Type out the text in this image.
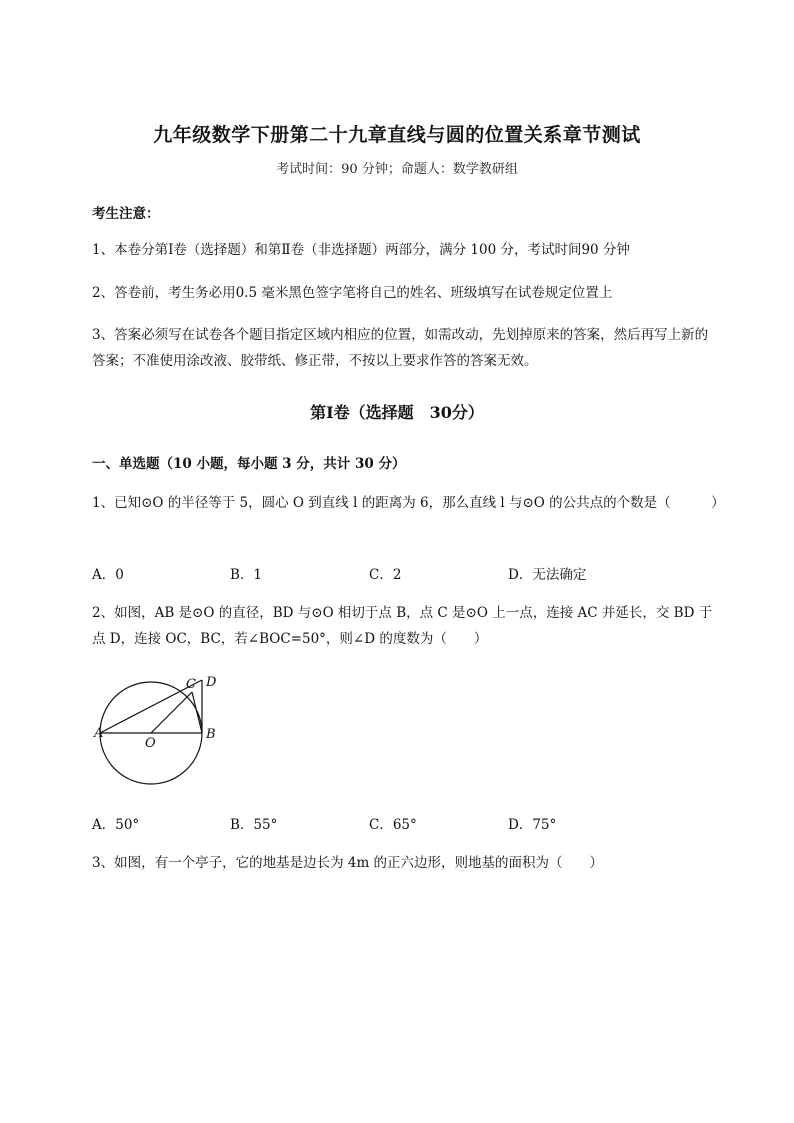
九年级数学下册第二十九章直线与圆的位置关系章节测试
考试时间：90 分钟；命题人：数学教研组
考生注意：
1、本卷分第Ⅰ卷（选择题）和第Ⅱ卷（非选择题）两部分，满分 100 分，考试时间90 分钟
2、答卷前，考生务必用0.5 毫米黑色签字笔将自己的姓名、班级填写在试卷规定位置上
3、答案必须写在试卷各个题目指定区域内相应的位置，如需改动，先划掉原来的答案，然后再写上新的答案；不准使用涂改液、胶带纸、修正带，不按以上要求作答的答案无效。
第Ⅰ卷（选择题　30分）
一、单选题（10 小题，每小题 3 分，共计 30 分）
1、已知⊙O 的半径等于 5，圆心 O 到直线 l 的距离为 6，那么直线 l 与⊙O 的公共点的个数是（　　　）
A．0	B．1	C．2	D．无法确定
2、如图，AB 是⊙O 的直径，BD 与⊙O 相切于点 B，点 C 是⊙O 上一点，连接 AC 并延长，交 BD 于点 D，连接 OC，BC，若∠BOC=50°，则∠D 的度数为（　　）
A
O
B
C D
A．50°	B．55°	C．65°	D．75°
3、如图，有一个亭子，它的地基是边长为 4m 的正六边形，则地基的面积为（　　）
